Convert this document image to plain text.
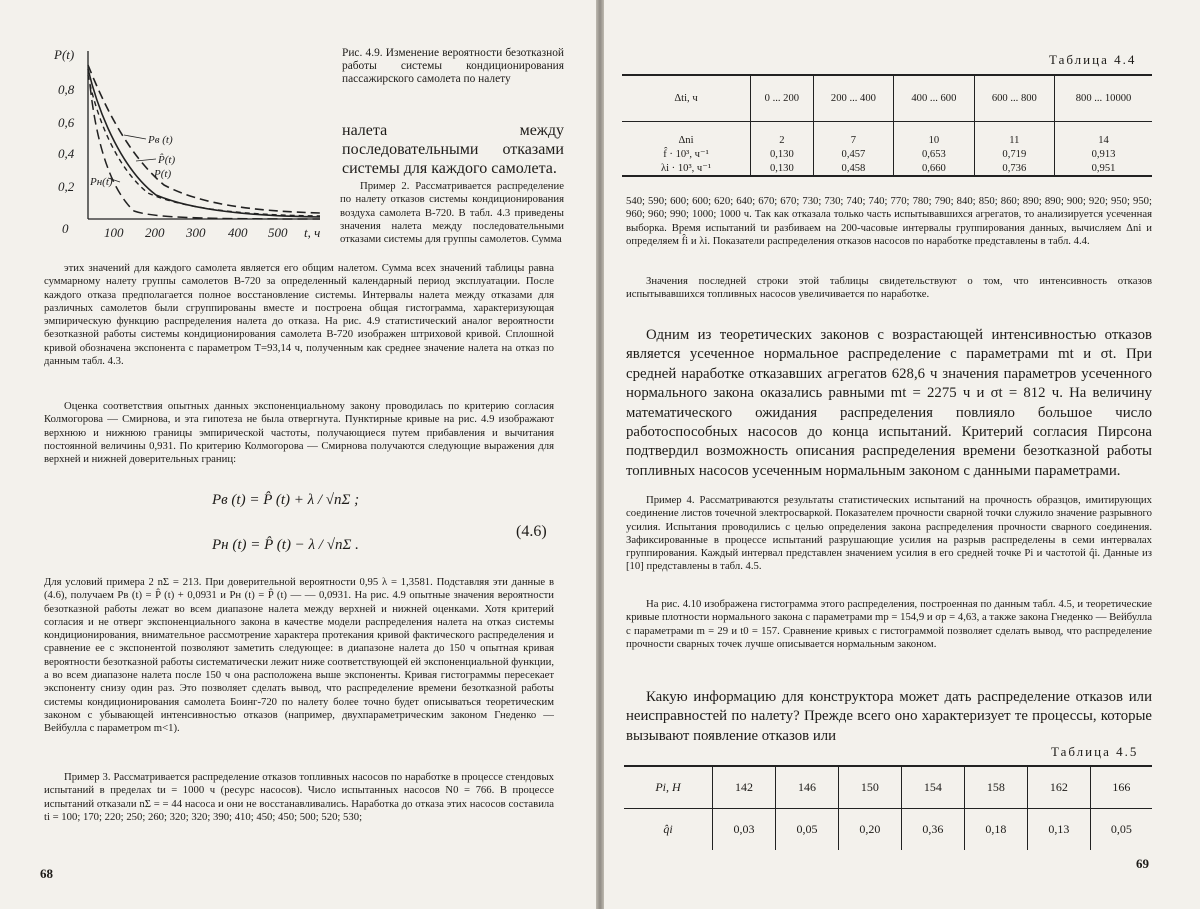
P(t)
0,8
0,6
0,4
0,2
0	100 200 300 400 500 t, ч
Pв (t)
P̂(t)
P(t)
Pн(t)
Рис. 4.9. Изменение вероятности безотказной работы системы кондиционирования пассажирского самолета по налету
налета между последовательными отказами системы для каждого самолета.
Пример 2. Рассматривается распределение по налету отказов системы кондиционирования воздуха самолета В-720. В табл. 4.3 приведены значения налета между последовательными отказами системы для группы самолетов. Сумма

этих значений для каждого самолета является его общим налетом. Сумма всех значений таблицы равна суммарному налету группы самолетов В-720 за определенный календарный период эксплуатации. После каждого отказа предполагается полное восстановление системы. Интервалы налета между отказами для различных самолетов были сгруппированы вместе и построена общая гистограмма, характеризующая эмпирическую функцию распределения налета до отказа. На рис. 4.9 статистический аналог вероятности безотказной работы системы кондиционирования самолета В-720 изображен штриховой кривой. Сплошной кривой обозначена экспонента с параметром T=93,14 ч, полученным как среднее значение налета на отказ по данным табл. 4.3.

Оценка соответствия опытных данных экспоненциальному закону проводилась по критерию согласия Колмогорова — Смирнова, и эта гипотеза не была отвергнута. Пунктирные кривые на рис. 4.9 изображают верхнюю и нижнюю границы эмпирической частоты, получающиеся путем прибавления и вычитания постоянной величины 0,931. По критерию Колмогорова — Смирнова получаются следующие выражения для верхней и нижней доверительных границ:
Pв (t) = P̂ (t) + λ / √nΣ ;
Pн (t) = P̂ (t) − λ / √nΣ .
(4.6)
Для условий примера 2 nΣ = 213. При доверительной вероятности 0,95 λ = 1,3581. Подставляя эти данные в (4.6), получаем Pв (t) = P̂ (t) + 0,0931 и Pн (t) = P̂ (t) — — 0,0931. На рис. 4.9 опытные значения вероятности безотказной работы лежат во всем диапазоне налета между верхней и нижней оценками. Хотя критерий согласия и не отверг экспоненциального закона в качестве модели распределения налета на отказ системы кондиционирования, внимательное рассмотрение характера протекания кривой фактического распределения и сравнение ее с экспонентой позволяют заметить следующее: в диапазоне налета до 150 ч опытная кривая вероятности безотказной работы систематически лежит ниже соответствующей ей экспоненциальной функции, а во всем диапазоне налета после 150 ч она расположена выше экспоненты. Кривая гистограммы пересекает экспоненту снизу один раз. Это позволяет сделать вывод, что распределение времени безотказной работы системы кондиционирования самолета Боинг-720 по налету более точно будет описываться теоретическим законом с убывающей интенсивностью отказов (например, двухпараметрическим законом Гнеденко — Вейбулла с параметром m<1).
Пример 3. Рассматривается распределение отказов топливных насосов по наработке в процессе стендовых испытаний в пределах tи = 1000 ч (ресурс насосов). Число испытанных насосов N0 = 766. В процессе испытаний отказали nΣ = = 44 насоса и они не восстанавливались. Наработка до отказа этих насосов составила ti = 100; 170; 220; 250; 260; 320; 320; 390; 410; 450; 450; 500; 520; 530;
68
Таблица 4.4
Δti, ч	0 ... 200	200 ... 400	400 ... 600	600 ... 800	800 ... 10000
Δni	2	7	10	11	14
f̂ · 10³, ч⁻¹	0,130	0,457	0,653	0,719	0,913
λi · 10³, ч⁻¹	0,130	0,458	0,660	0,736	0,951
540; 590; 600; 600; 620; 640; 670; 670; 730; 730; 740; 740; 770; 780; 790; 840; 850; 860; 890; 890; 900; 920; 950; 950; 960; 960; 990; 1000; 1000 ч. Так как отказала только часть испытывавшихся агрегатов, то анализируется усеченная выборка. Время испытаний tи разбиваем на 200-часовые интервалы группирования данных, вычисляем Δni и определяем f̂i и λi. Показатели распределения отказов насосов по наработке представлены в табл. 4.4.
Значения последней строки этой таблицы свидетельствуют о том, что интенсивность отказов испытывавшихся топливных насосов увеличивается по наработке.
Одним из теоретических законов с возрастающей интенсивностью отказов является усеченное нормальное распределение с параметрами mt и σt. При средней наработке отказавших агрегатов 628,6 ч значения параметров усеченного нормального закона оказались равными mt = 2275 ч и σt = 812 ч. На величину математического ожидания распределения повлияло большое число работоспособных насосов до конца испытаний. Критерий согласия Пирсона подтвердил возможность описания распределения времени безотказной работы топливных насосов усеченным нормальным законом с данными параметрами.
Пример 4. Рассматриваются результаты статистических испытаний на прочность образцов, имитирующих соединение листов точечной электросваркой. Показателем прочности сварной точки служило значение разрывного усилия. Испытания проводились с целью определения закона распределения прочности сварного соединения. Зафиксированные в процессе испытаний разрушающие усилия на разрыв распределены в семи интервалах группирования. Каждый интервал представлен значением усилия в его средней точке Pi и частотой q̂i. Данные из [10] представлены в табл. 4.5.
На рис. 4.10 изображена гистограмма этого распределения, построенная по данным табл. 4.5, и теоретические кривые плотности нормального закона с параметрами mp = 154,9 и σp = 4,63, а также закона Гнеденко — Вейбулла с параметрами m = 29 и t0 = 157. Сравнение кривых с гистограммой позволяет сделать вывод, что распределение прочности сварных точек лучше описывается нормальным законом.
Какую информацию для конструктора может дать распределение отказов или неисправностей по налету? Прежде всего оно характеризует те процессы, которые вызывают появление отказов или
Таблица 4.5
Pi, Н	142	146	150	154	158	162	166
q̂i	0,03	0,05	0,20	0,36	0,18	0,13	0,05
69
